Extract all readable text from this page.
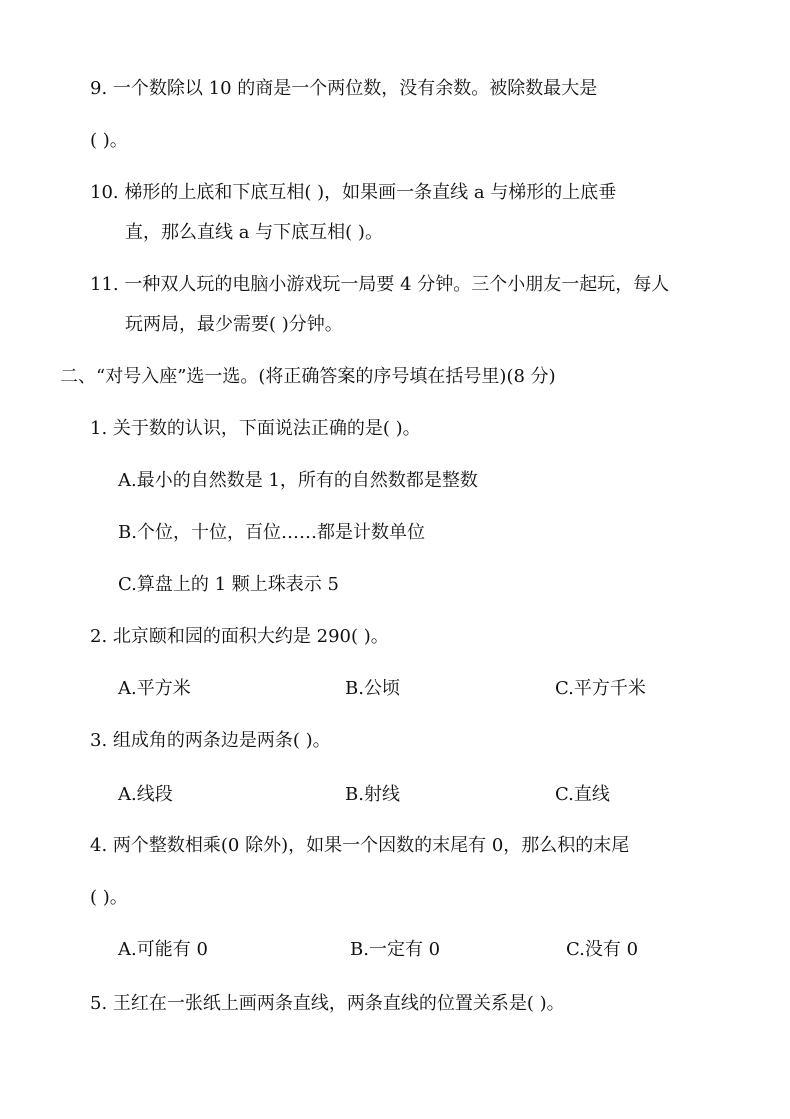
9. 一个数除以 10 的商是一个两位数，没有余数。被除数最大是
( )。
10. 梯形的上底和下底互相( )，如果画一条直线 a 与梯形的上底垂
直，那么直线 a 与下底互相( )。
11. 一种双人玩的电脑小游戏玩一局要 4 分钟。三个小朋友一起玩，每人
玩两局，最少需要( )分钟。
二、“对号入座”选一选。(将正确答案的序号填在括号里)(8 分)
1. 关于数的认识，下面说法正确的是( )。
A.最小的自然数是 1，所有的自然数都是整数
B.个位，十位，百位……都是计数单位
C.算盘上的 1 颗上珠表示 5
2. 北京颐和园的面积大约是 290( )。
A.平方米	B.公顷	C.平方千米
3. 组成角的两条边是两条( )。
A.线段	B.射线	C.直线
4. 两个整数相乘(0 除外)，如果一个因数的末尾有 0，那么积的末尾
( )。
A.可能有 0	B.一定有 0	C.没有 0
5. 王红在一张纸上画两条直线，两条直线的位置关系是( )。
